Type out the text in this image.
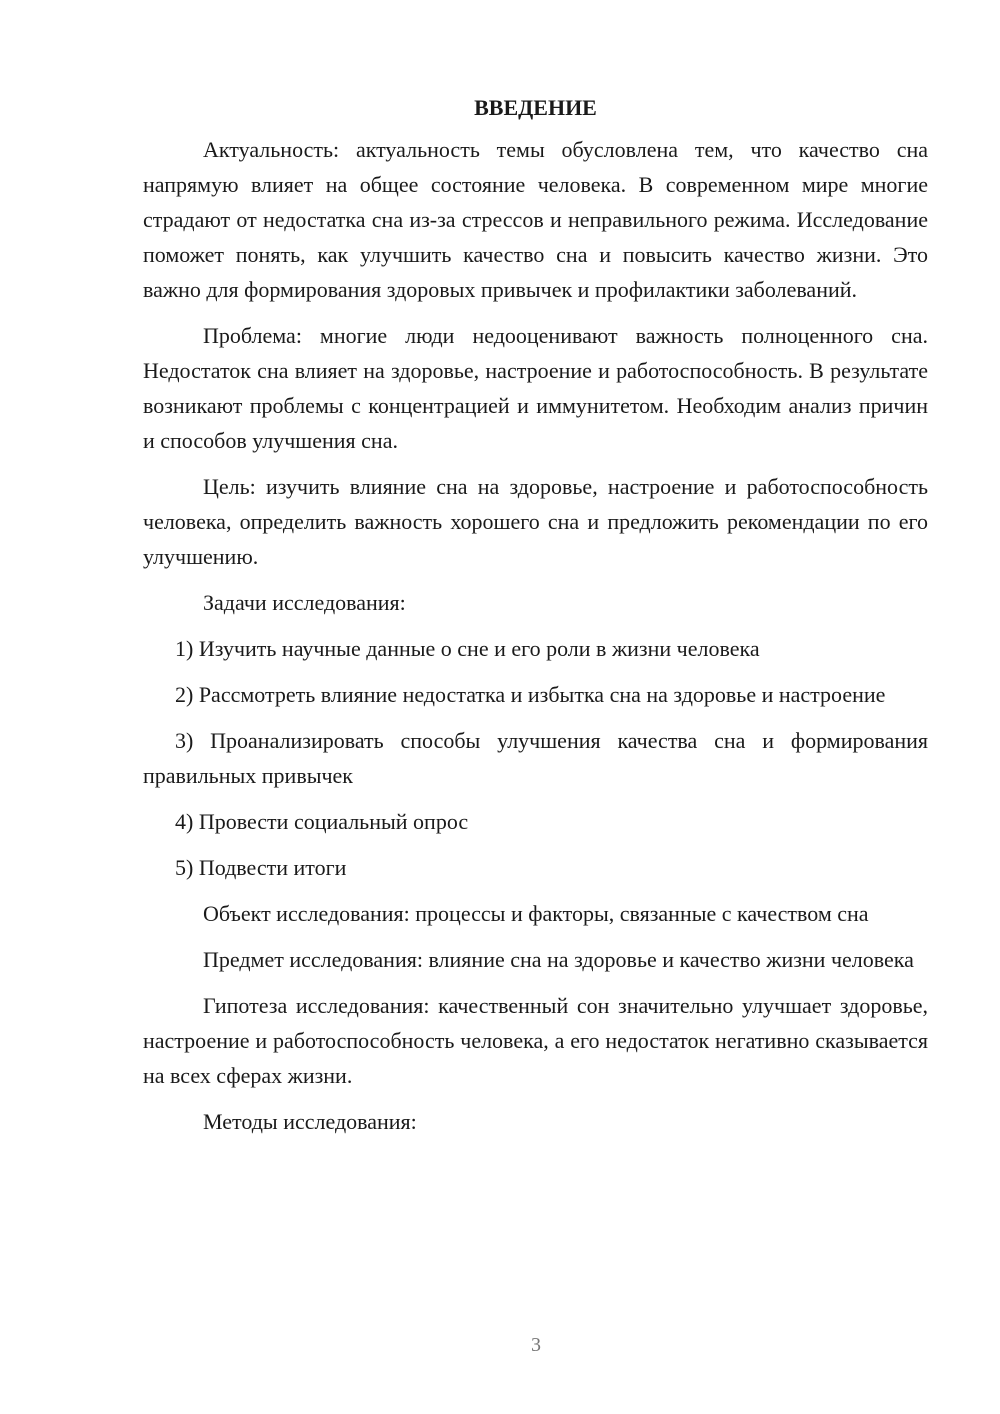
ВВЕДЕНИЕ

Актуальность: актуальность темы обусловлена тем, что качество сна напрямую влияет на общее состояние человека. В современном мире многие страдают от недостатка сна из-за стрессов и неправильного режима. Исследование поможет понять, как улучшить качество сна и повысить качество жизни. Это важно для формирования здоровых привычек и профилактики заболеваний.

Проблема: многие люди недооценивают важность полноценного сна. Недостаток сна влияет на здоровье, настроение и работоспособность. В результате возникают проблемы с концентрацией и иммунитетом. Необходим анализ причин и способов улучшения сна.

Цель: изучить влияние сна на здоровье, настроение и работоспособность человека, определить важность хорошего сна и предложить рекомендации по его улучшению.

Задачи исследования:

1) Изучить научные данные о сне и его роли в жизни человека

2) Рассмотреть влияние недостатка и избытка сна на здоровье и настроение

3) Проанализировать способы улучшения качества сна и формирования правильных привычек

4) Провести социальный опрос

5) Подвести итоги

Объект исследования: процессы и факторы, связанные с качеством сна

Предмет исследования: влияние сна на здоровье и качество жизни человека

Гипотеза исследования: качественный сон значительно улучшает здоровье, настроение и работоспособность человека, а его недостаток негативно сказывается на всех сферах жизни.

Методы исследования:

3
